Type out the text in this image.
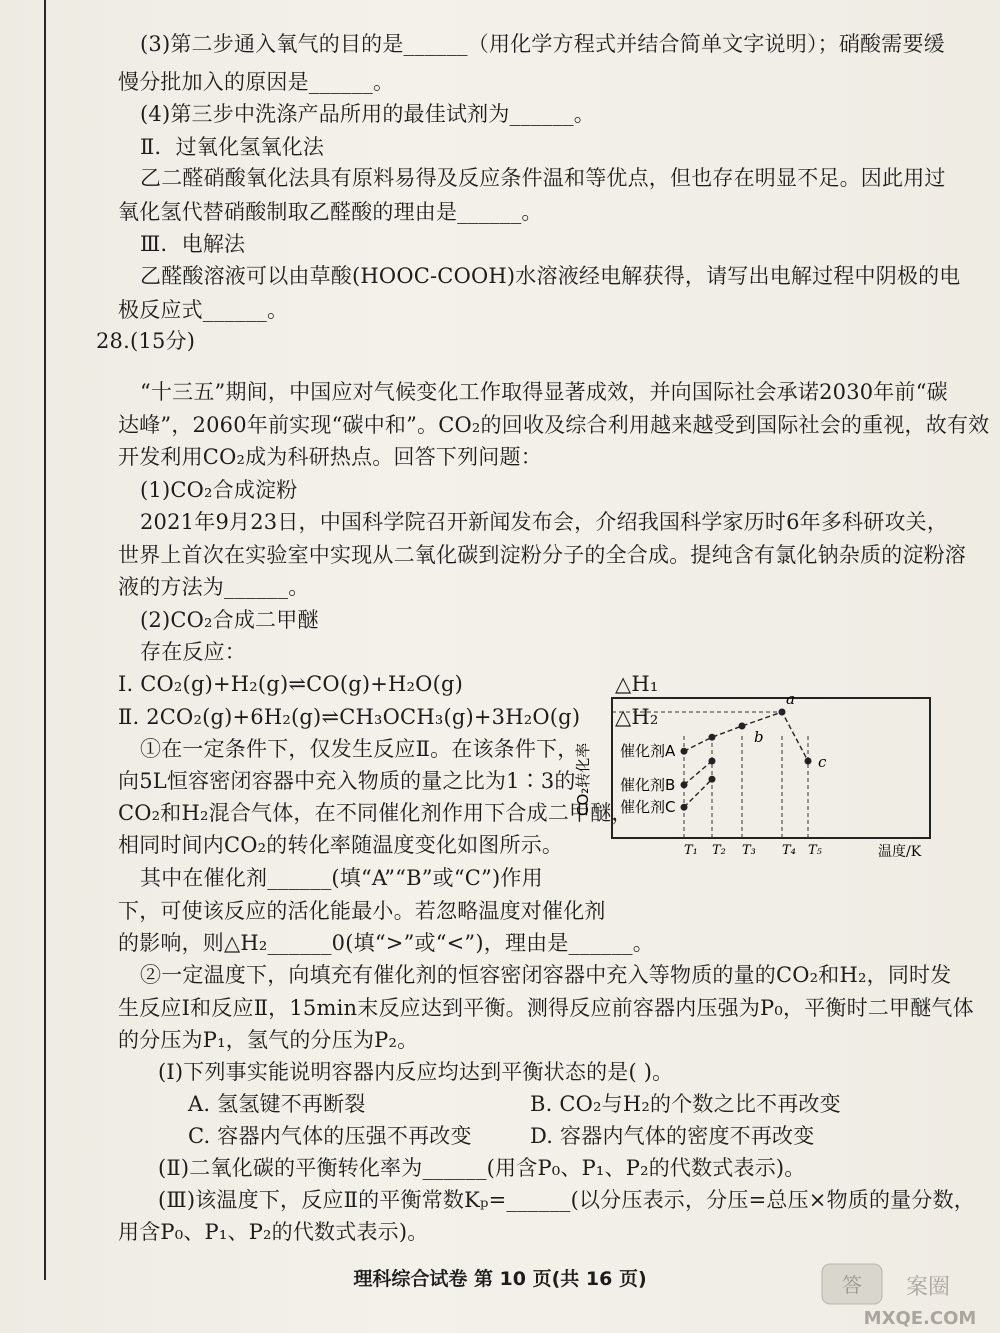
(3)第二步通入氧气的目的是______（用化学方程式并结合简单文字说明）；硝酸需要缓
慢分批加入的原因是______。
(4)第三步中洗涤产品所用的最佳试剂为______。
Ⅱ．过氧化氢氧化法
乙二醛硝酸氧化法具有原料易得及反应条件温和等优点，但也存在明显不足。因此用过
氧化氢代替硝酸制取乙醛酸的理由是______。
Ⅲ．电解法
乙醛酸溶液可以由草酸(HOOC-COOH)水溶液经电解获得，请写出电解过程中阴极的电
极反应式______。
28.(15分)
“十三五”期间，中国应对气候变化工作取得显著成效，并向国际社会承诺2030年前“碳
达峰”，2060年前实现“碳中和”。CO₂的回收及综合利用越来越受到国际社会的重视，故有效
开发利用CO₂成为科研热点。回答下列问题：
(1)CO₂合成淀粉
2021年9月23日，中国科学院召开新闻发布会，介绍我国科学家历时6年多科研攻关，
世界上首次在实验室中实现从二氧化碳到淀粉分子的全合成。提纯含有氯化钠杂质的淀粉溶
液的方法为______。
(2)CO₂合成二甲醚
存在反应：
Ⅰ. CO₂(g)+H₂(g)⇌CO(g)+H₂O(g)	△H₁
Ⅱ. 2CO₂(g)+6H₂(g)⇌CH₃OCH₃(g)+3H₂O(g) △H₂
①在一定条件下，仅发生反应Ⅱ。在该条件下，
向5L恒容密闭容器中充入物质的量之比为1∶3的
CO₂和H₂混合气体，在不同催化剂作用下合成二甲醚，
相同时间内CO₂的转化率随温度变化如图所示。
其中在催化剂______(填“A”“B”或“C”)作用
下，可使该反应的活化能最小。若忽略温度对催化剂
的影响，则△H₂______0(填“>”或“<”)，理由是______。
②一定温度下，向填充有催化剂的恒容密闭容器中充入等物质的量的CO₂和H₂，同时发
生反应Ⅰ和反应Ⅱ，15min末反应达到平衡。测得反应前容器内压强为P₀，平衡时二甲醚气体
的分压为P₁，氢气的分压为P₂。
(Ⅰ)下列事实能说明容器内反应均达到平衡状态的是( )。
A. 氢氢键不再断裂	B. CO₂与H₂的个数之比不再改变
C. 容器内气体的压强不再改变	D. 容器内气体的密度不再改变
(Ⅱ)二氧化碳的平衡转化率为______(用含P₀、P₁、P₂的代数式表示)。
(Ⅲ)该温度下，反应Ⅱ的平衡常数Kₚ=______(以分压表示，分压=总压×物质的量分数，
用含P₀、P₁、P₂的代数式表示)。
理科综合试卷 第 10 页(共 16 页)
CO₂转化率
T₁ T₂ T₃ T₄ T₅
催化剂A
催化剂B
催化剂C
a
b
c
温度/K
答 案圈
MXQE.COM
